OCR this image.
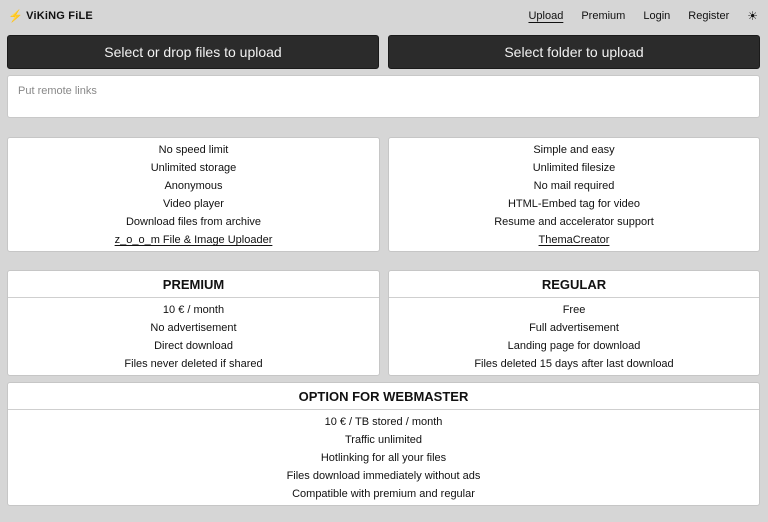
⚡ ViKiNG FiLE	Upload Premium Login Register ☀
Select or drop files to upload	Select folder to upload
Put remote links
No speed limit
Unlimited storage
Anonymous
Video player
Download files from archive
z_o_o_m File & Image Uploader
Simple and easy
Unlimited filesize
No mail required
HTML-Embed tag for video
Resume and accelerator support
ThemaCreator
PREMIUM
10 € / month
No advertisement
Direct download
Files never deleted if shared
REGULAR
Free
Full advertisement
Landing page for download
Files deleted 15 days after last download
OPTION FOR WEBMASTER
10 € / TB stored / month
Traffic unlimited
Hotlinking for all your files
Files download immediately without ads
Compatible with premium and regular
